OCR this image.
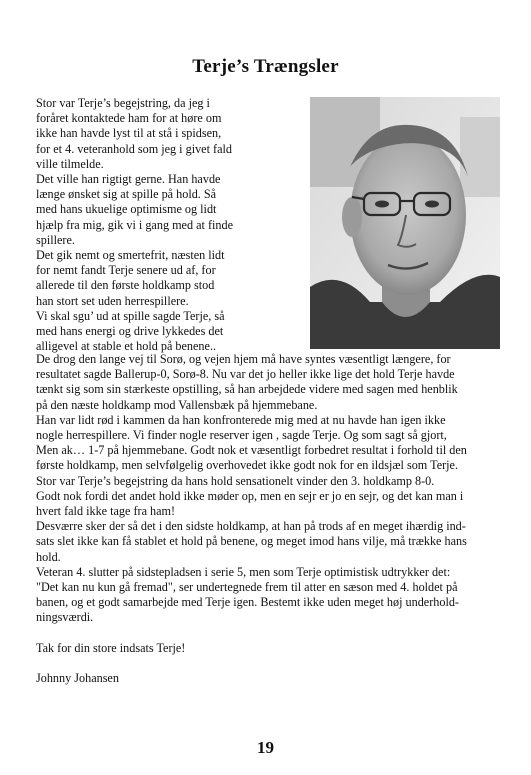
Terje’s Trængsler
Stor var Terje’s begejstring, da jeg i
foråret kontaktede ham for at høre om
ikke han havde lyst til at stå i spidsen,
for et 4. veteranhold som jeg i givet fald
ville tilmelde.
Det ville han rigtigt gerne. Han havde
længe ønsket sig at spille på hold. Så
med hans ukuelige optimisme og lidt
hjælp fra mig, gik vi i gang med at finde
spillere.
Det gik nemt og smertefrit, næsten lidt
for nemt fandt Terje senere ud af, for
allerede til den første holdkamp stod
han stort set uden herrespillere.
Vi skal sgu’ ud at spille sagde Terje, så
med hans energi og drive lykkedes det
alligevel at stable et hold på benene..
De drog den lange vej til Sorø, og vejen hjem må have syntes væsentligt længere, for
resultatet sagde Ballerup-0, Sorø-8. Nu var det jo heller ikke lige det hold Terje havde
tænkt sig som sin stærkeste opstilling, så han arbejdede videre med sagen med henblik
på den næste holdkamp mod Vallensbæk på hjemmebane.
Han var lidt rød i kammen da han konfronterede mig med at nu havde han igen ikke
nogle herrespillere. Vi finder nogle reserver igen , sagde Terje. Og som sagt så gjort,
Men ak… 1-7 på hjemmebane. Godt nok et væsentligt forbedret resultat i forhold til den
første holdkamp, men selvfølgelig overhovedet ikke godt nok for en ildsjæl som Terje.
Stor var Terje’s begejstring da hans hold sensationelt vinder den 3. holdkamp 8-0.
Godt nok fordi det andet hold ikke møder op, men en sejr er jo en sejr, og det kan man i
hvert fald ikke tage fra ham!
Desværre sker der så det i den sidste holdkamp, at han på trods af en meget ihærdig ind-
sats slet ikke kan få stablet et hold på benene, og meget imod hans vilje, må trække hans
hold.
Veteran 4. slutter på sidstepladsen i serie 5, men som Terje optimistisk udtrykker det:
"Det kan nu kun gå fremad", ser undertegnede frem til atter en sæson med 4. holdet på
banen, og et godt samarbejde med Terje igen. Bestemt ikke uden meget høj underhold-
ningsværdi.
Tak for din store indsats Terje!
Johnny Johansen
19
